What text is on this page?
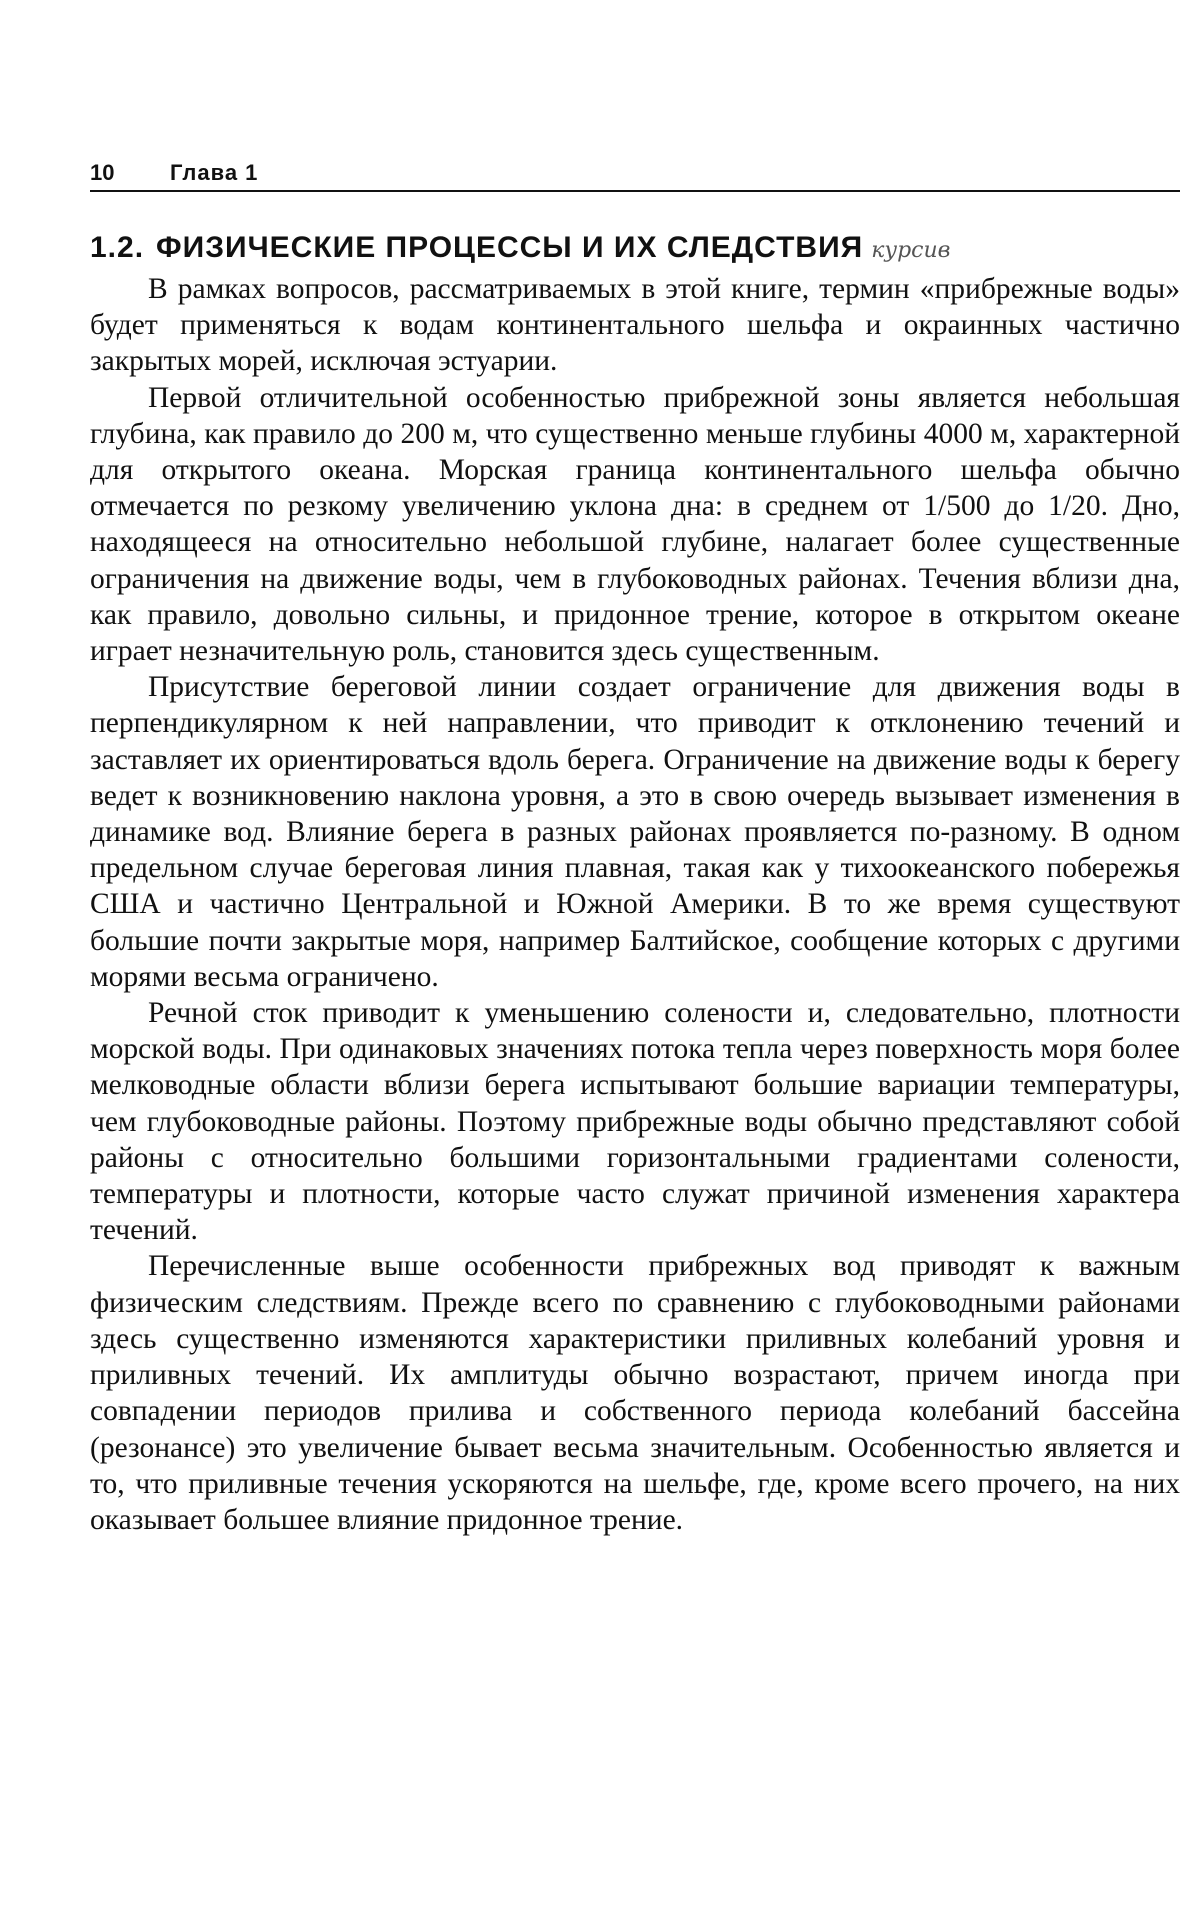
10	Глава 1
1.2. ФИЗИЧЕСКИЕ ПРОЦЕССЫ И ИХ СЛЕДСТВИЯ курсив

В рамках вопросов, рассматриваемых в этой книге, термин «прибрежные воды» будет применяться к водам континентального шельфа и окраинных частично закрытых морей, исключая эстуарии.

Первой отличительной особенностью прибрежной зоны является небольшая глубина, как правило до 200 м, что существенно меньше глубины 4000 м, характерной для открытого океана. Морская граница континентального шельфа обычно отмечается по резкому увеличению уклона дна: в среднем от 1/500 до 1/20. Дно, находящееся на относительно небольшой глубине, налагает более существенные ограничения на движение воды, чем в глубоководных районах. Течения вблизи дна, как правило, довольно сильны, и придонное трение, которое в открытом океане играет незначительную роль, становится здесь существенным.

Присутствие береговой линии создает ограничение для движения воды в перпендикулярном к ней направлении, что приводит к отклонению течений и заставляет их ориентироваться вдоль берега. Ограничение на движение воды к берегу ведет к возникновению наклона уровня, а это в свою очередь вызывает изменения в динамике вод. Влияние берега в разных районах проявляется по-разному. В одном предельном случае береговая линия плавная, такая как у тихоокеанского побережья США и частично Центральной и Южной Америки. В то же время существуют большие почти закрытые моря, например Балтийское, сообщение которых с другими морями весьма ограничено.

Речной сток приводит к уменьшению солености и, следовательно, плотности морской воды. При одинаковых значениях потока тепла через поверхность моря более мелководные области вблизи берега испытывают большие вариации температуры, чем глубоководные районы. Поэтому прибрежные воды обычно представляют собой районы с относительно большими горизонтальными градиентами солености, температуры и плотности, которые часто служат причиной изменения характера течений.

Перечисленные выше особенности прибрежных вод приводят к важным физическим следствиям. Прежде всего по сравнению с глубоководными районами здесь существенно изменяются характеристики приливных колебаний уровня и приливных течений. Их амплитуды обычно возрастают, причем иногда при совпадении периодов прилива и собственного периода колебаний бассейна (резонансе) это увеличение бывает весьма значительным. Особенностью является и то, что приливные течения ускоряются на шельфе, где, кроме всего прочего, на них оказывает большее влияние придонное трение.
